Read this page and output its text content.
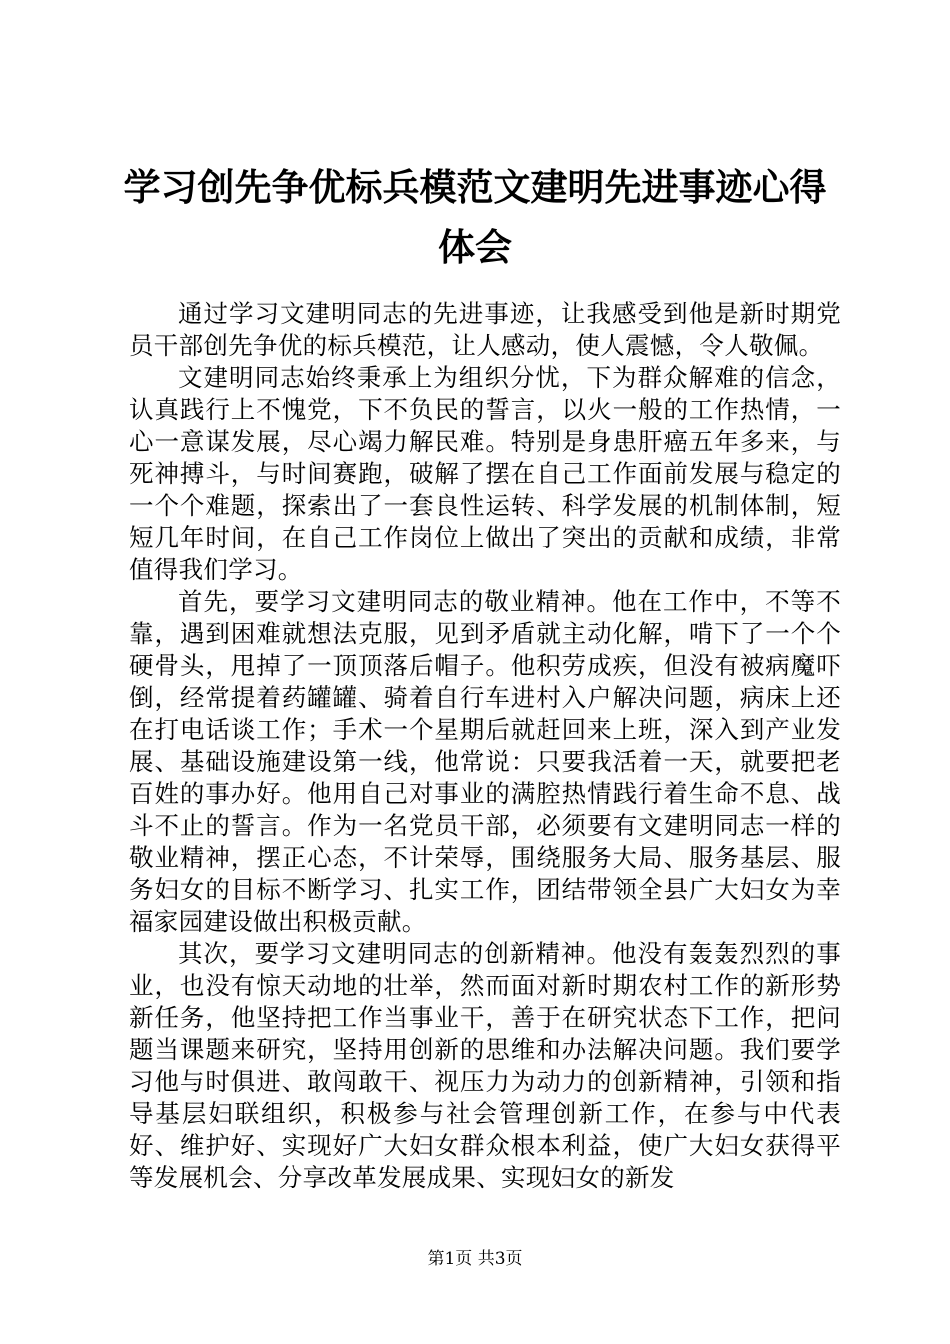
学习创先争优标兵模范文建明先进事迹心得体会

通过学习文建明同志的先进事迹，让我感受到他是新时期党员干部创先争优的标兵模范，让人感动，使人震憾，令人敬佩。

文建明同志始终秉承上为组织分忧，下为群众解难的信念，认真践行上不愧党，下不负民的誓言，以火一般的工作热情，一心一意谋发展，尽心竭力解民难。特别是身患肝癌五年多来，与死神搏斗，与时间赛跑，破解了摆在自己工作面前发展与稳定的一个个难题，探索出了一套良性运转、科学发展的机制体制，短短几年时间，在自己工作岗位上做出了突出的贡献和成绩，非常值得我们学习。

首先，要学习文建明同志的敬业精神。他在工作中，不等不靠，遇到困难就想法克服，见到矛盾就主动化解，啃下了一个个硬骨头，甩掉了一顶顶落后帽子。他积劳成疾，但没有被病魔吓倒，经常提着药罐罐、骑着自行车进村入户解决问题，病床上还在打电话谈工作；手术一个星期后就赶回来上班，深入到产业发展、基础设施建设第一线，他常说：只要我活着一天，就要把老百姓的事办好。他用自己对事业的满腔热情践行着生命不息、战斗不止的誓言。作为一名党员干部，必须要有文建明同志一样的敬业精神，摆正心态，不计荣辱，围绕服务大局、服务基层、服务妇女的目标不断学习、扎实工作，团结带领全县广大妇女为幸福家园建设做出积极贡献。

其次，要学习文建明同志的创新精神。他没有轰轰烈烈的事业，也没有惊天动地的壮举，然而面对新时期农村工作的新形势新任务，他坚持把工作当事业干，善于在研究状态下工作，把问题当课题来研究，坚持用创新的思维和办法解决问题。我们要学习他与时俱进、敢闯敢干、视压力为动力的创新精神，引领和指导基层妇联组织，积极参与社会管理创新工作，在参与中代表好、维护好、实现好广大妇女群众根本利益，使广大妇女获得平等发展机会、分享改革发展成果、实现妇女的新发

第1页 共3页
